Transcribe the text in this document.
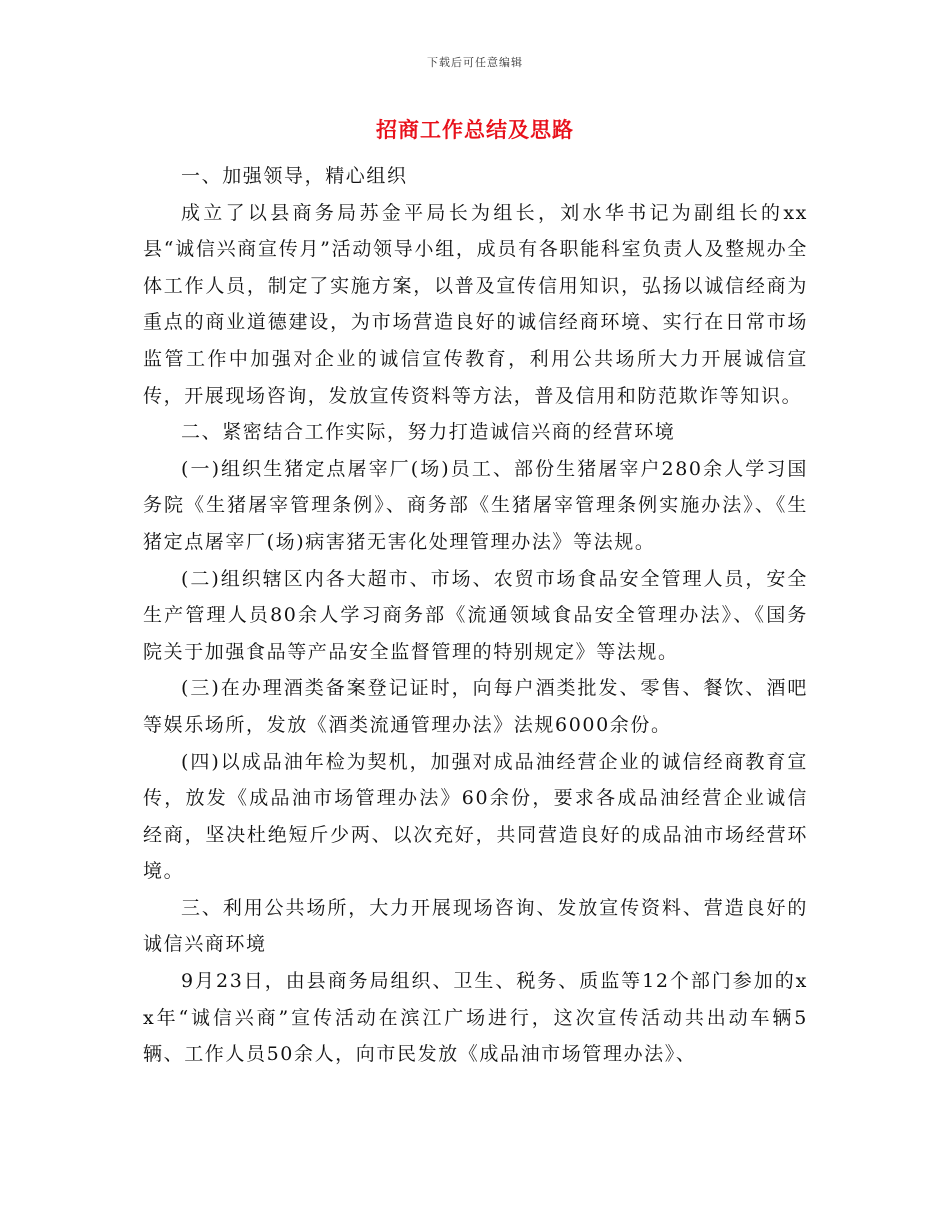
下载后可任意编辑
招商工作总结及思路

一、加强领导，精心组织

成立了以县商务局苏金平局长为组长，刘水华书记为副组长的xx县“诚信兴商宣传月”活动领导小组，成员有各职能科室负责人及整规办全体工作人员，制定了实施方案，以普及宣传信用知识，弘扬以诚信经商为重点的商业道德建设，为市场营造良好的诚信经商环境、实行在日常市场监管工作中加强对企业的诚信宣传教育，利用公共场所大力开展诚信宣传，开展现场咨询，发放宣传资料等方法，普及信用和防范欺诈等知识。

二、紧密结合工作实际，努力打造诚信兴商的经营环境

(一)组织生猪定点屠宰厂(场)员工、部份生猪屠宰户280余人学习国务院《生猪屠宰管理条例》、商务部《生猪屠宰管理条例实施办法》、《生猪定点屠宰厂(场)病害猪无害化处理管理办法》等法规。

(二)组织辖区内各大超市、市场、农贸市场食品安全管理人员，安全生产管理人员80余人学习商务部《流通领域食品安全管理办法》、《国务院关于加强食品等产品安全监督管理的特别规定》等法规。

(三)在办理酒类备案登记证时，向每户酒类批发、零售、餐饮、酒吧等娱乐场所，发放《酒类流通管理办法》法规6000余份。

(四)以成品油年检为契机，加强对成品油经营企业的诚信经商教育宣传，放发《成品油市场管理办法》60余份，要求各成品油经营企业诚信经商，坚决杜绝短斤少两、以次充好，共同营造良好的成品油市场经营环境。

三、利用公共场所，大力开展现场咨询、发放宣传资料、营造良好的诚信兴商环境

9月23日，由县商务局组织、卫生、税务、质监等12个部门参加的xx年“诚信兴商”宣传活动在滨江广场进行，这次宣传活动共出动车辆5辆、工作人员50余人，向市民发放《成品油市场管理办法》、
